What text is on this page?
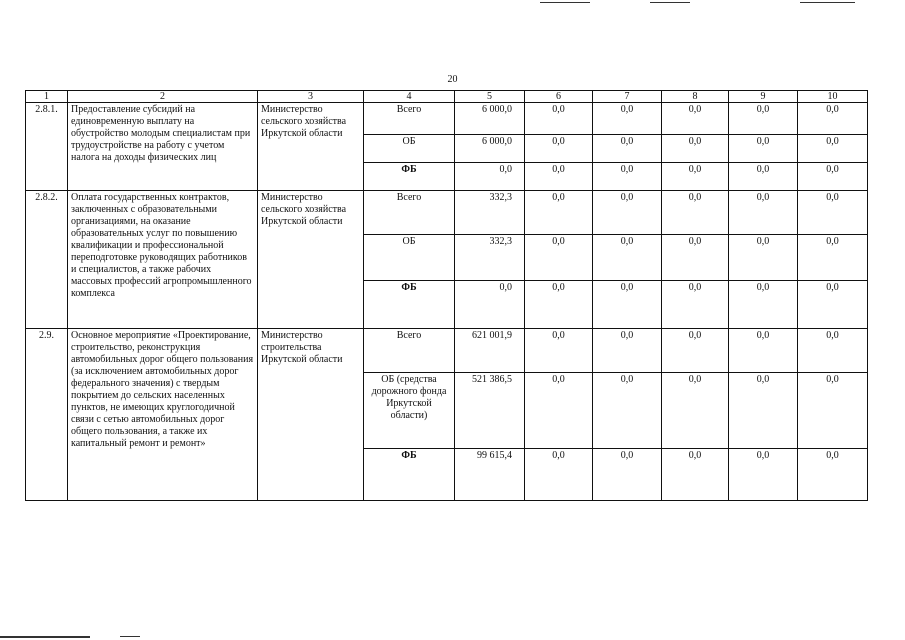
20
1	2	3	4	5	6	7	8	9	10
2.8.1.	Предоставление субсидий на единовременную выплату на обустройство молодым специалистам при трудоустройстве на работу с учетом налога на доходы физических лиц	Министерство сельского хозяйства Иркутской области	Всего	6 000,0	0,0	0,0	0,0	0,0	0,0
			ОБ	6 000,0	0,0	0,0	0,0	0,0	0,0
			ФБ	0,0	0,0	0,0	0,0	0,0	0,0
2.8.2.	Оплата государственных контрактов, заключенных с образовательными организациями, на оказание образовательных услуг по повышению квалификации и профессиональной переподготовке руководящих работников и специалистов, а также рабочих массовых профессий агропромышленного комплекса	Министерство сельского хозяйства Иркутской области	Всего	332,3	0,0	0,0	0,0	0,0	0,0
			ОБ	332,3	0,0	0,0	0,0	0,0	0,0
			ФБ	0,0	0,0	0,0	0,0	0,0	0,0
2.9.	Основное мероприятие «Проектирование, строительство, реконструкция автомобильных дорог общего пользования (за исключением автомобильных дорог федерального значения) с твердым покрытием до сельских населенных пунктов, не имеющих круглогодичной связи с сетью автомобильных дорог общего пользования, а также их капитальный ремонт и ремонт»	Министерство строительства Иркутской области	Всего	621 001,9	0,0	0,0	0,0	0,0	0,0
			ОБ (средства дорожного фонда Иркутской области)	521 386,5	0,0	0,0	0,0	0,0	0,0
			ФБ	99 615,4	0,0	0,0	0,0	0,0	0,0
